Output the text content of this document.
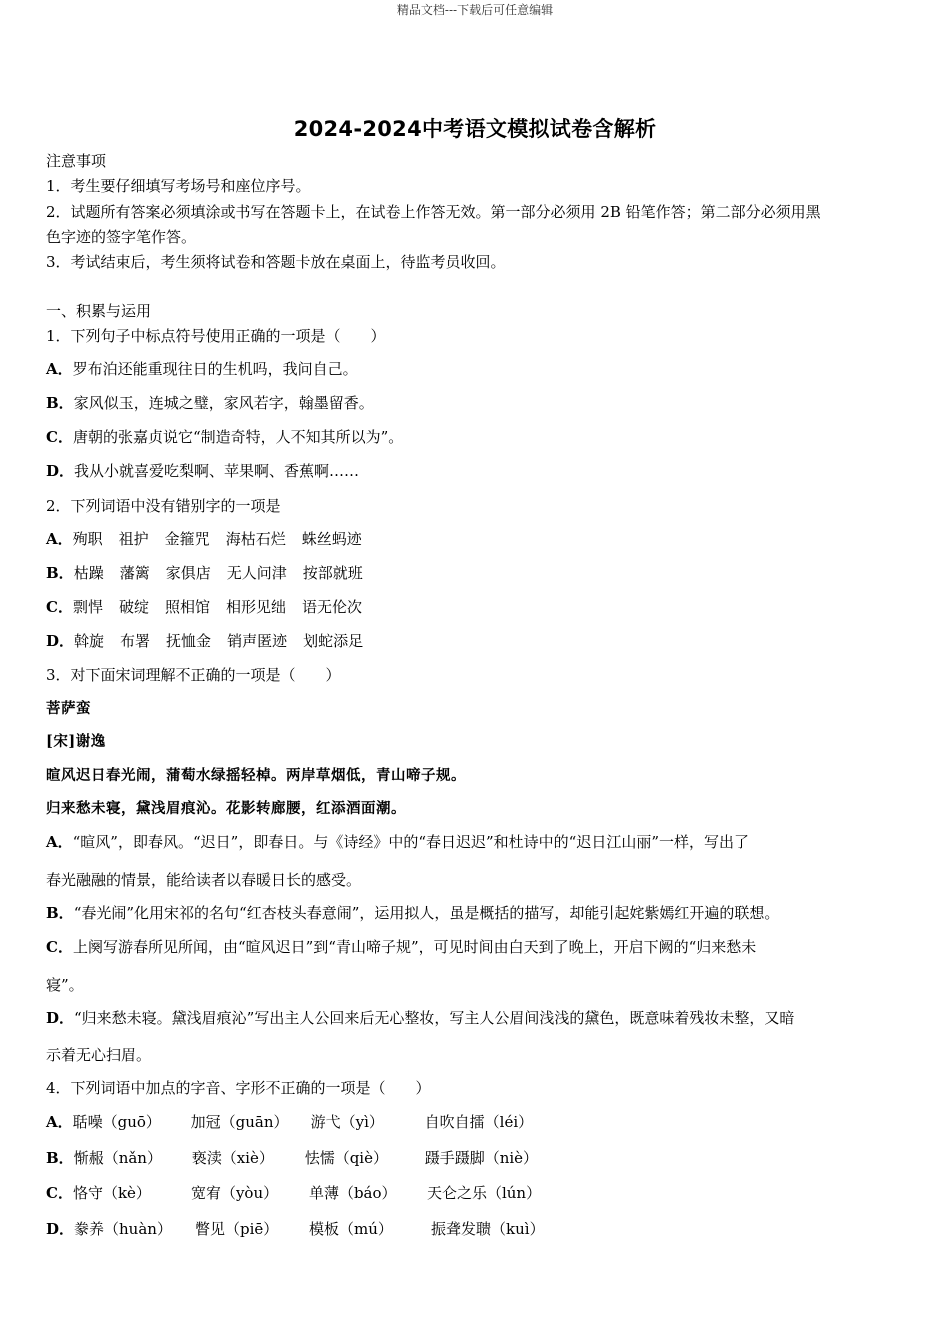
精品文档---下载后可任意编辑
2024-2024中考语文模拟试卷含解析
注意事项
1．考生要仔细填写考场号和座位序号。
2．试题所有答案必须填涂或书写在答题卡上，在试卷上作答无效。第一部分必须用 2B 铅笔作答；第二部分必须用黑
色字迹的签字笔作答。
3．考试结束后，考生须将试卷和答题卡放在桌面上，待监考员收回。
一、积累与运用
1．下列句子中标点符号使用正确的一项是（　　）
A．罗布泊还能重现往日的生机吗，我问自己。
B．家风似玉，连城之璧，家风若字，翰墨留香。
C．唐朝的张嘉贞说它“制造奇特，人不知其所以为”。
D．我从小就喜爱吃梨啊、苹果啊、香蕉啊……
2．下列词语中没有错别字的一项是
A．殉职 祖护 金箍咒 海枯石烂 蛛丝蚂迹
B．枯躁 藩篱 家俱店 无人问津 按部就班
C．剽悍 破绽 照相馆 相形见绌 语无伦次
D．斡旋 布署 抚恤金 销声匿迹 划蛇添足
3．对下面宋词理解不正确的一项是（　　）
菩萨蛮
[宋]谢逸
暄风迟日春光闹，蒲萄水绿摇轻棹。两岸草烟低，青山啼子规。
归来愁未寝，黛浅眉痕沁。花影转廊腰，红添酒面潮。
A．“暄风”，即春风。“迟日”，即春日。与《诗经》中的“春日迟迟”和杜诗中的“迟日江山丽”一样，写出了
春光融融的情景，能给读者以春暖日长的感受。
B．“春光闹”化用宋祁的名句“红杏枝头春意闹”，运用拟人，虽是概括的描写，却能引起姹紫嫣红开遍的联想。
C．上阕写游春所见所闻，由“暄风迟日”到“青山啼子规”，可见时间由白天到了晚上，开启下阙的“归来愁未
寝”。
D．“归来愁未寝。黛浅眉痕沁”写出主人公回来后无心整妆，写主人公眉间浅浅的黛色，既意味着残妆未整，又暗
示着无心扫眉。
4．下列词语中加点的字音、字形不正确的一项是（　　）
A．聒噪（guō） 加冠（guān） 游弋（yì）	自吹自擂（léi）
B．惭赧（nǎn） 亵渎（xiè） 怯懦（qiè） 蹑手蹑脚（niè）
C．恪守（kè）	宽宥（yòu） 单薄（báo） 天仑之乐（lún）
D．豢养（huàn） 瞥见（piē） 模板（mú）	振聋发聩（kuì）
